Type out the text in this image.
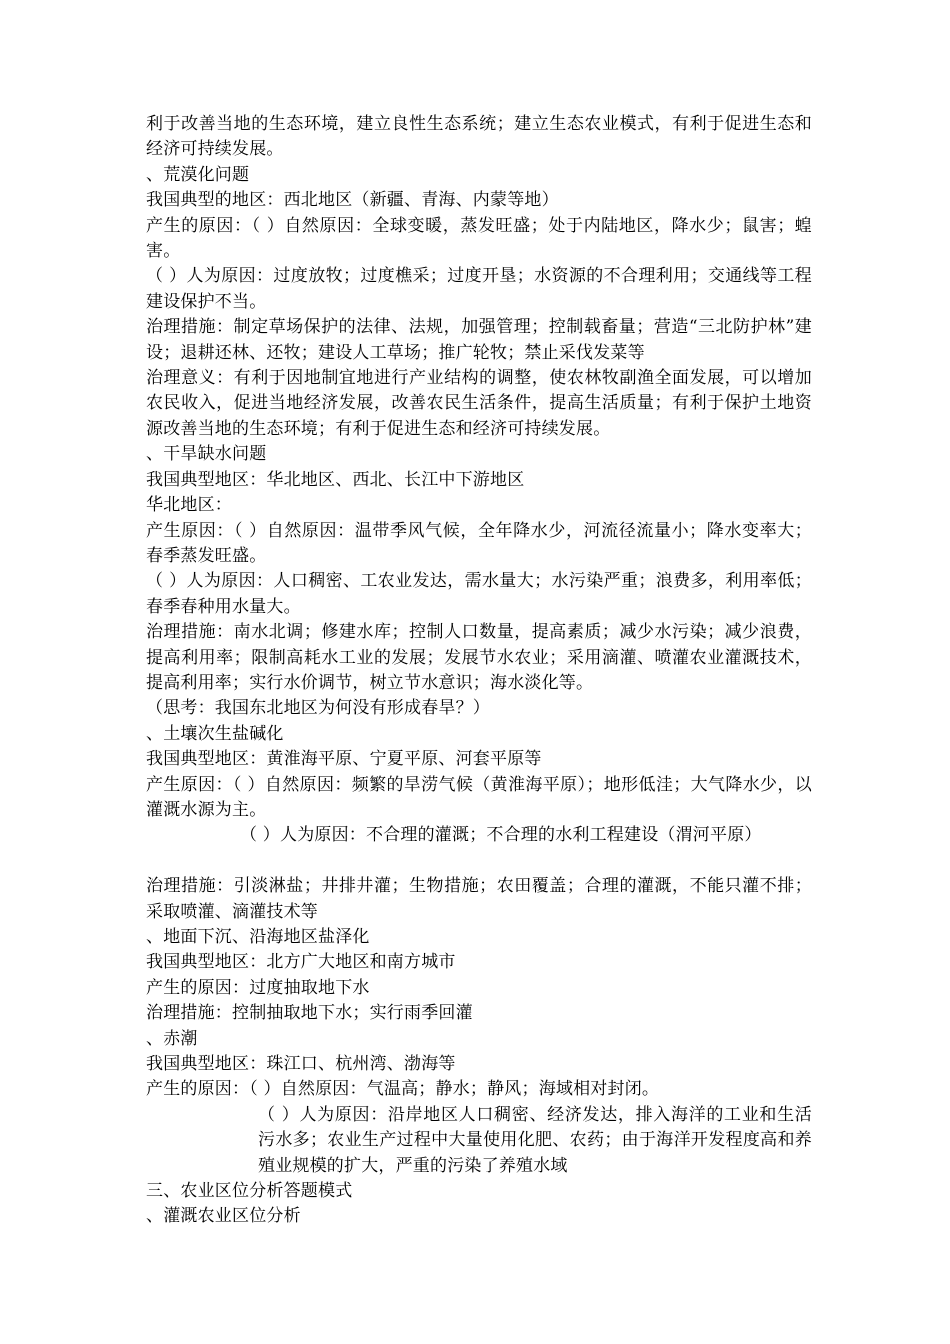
利于改善当地的生态环境，建立良性生态系统；建立生态农业模式，有利于促进生态和经济可持续发展。

、荒漠化问题

我国典型的地区：西北地区（新疆、青海、内蒙等地）

产生的原因：（ ）自然原因：全球变暖，蒸发旺盛；处于内陆地区，降水少；鼠害；蝗害。

（ ）人为原因：过度放牧；过度樵采；过度开垦；水资源的不合理利用；交通线等工程建设保护不当。

治理措施：制定草场保护的法律、法规，加强管理；控制载畜量；营造“三北防护林”建设；退耕还林、还牧；建设人工草场；推广轮牧；禁止采伐发菜等

治理意义：有利于因地制宜地进行产业结构的调整，使农林牧副渔全面发展，可以增加农民收入，促进当地经济发展，改善农民生活条件，提高生活质量；有利于保护土地资源改善当地的生态环境；有利于促进生态和经济可持续发展。

、干旱缺水问题

我国典型地区：华北地区、西北、长江中下游地区

华北地区：

产生原因：（ ）自然原因：温带季风气候，全年降水少，河流径流量小；降水变率大；春季蒸发旺盛。

（ ）人为原因：人口稠密、工农业发达，需水量大；水污染严重；浪费多，利用率低；春季春种用水量大。

治理措施：南水北调；修建水库；控制人口数量，提高素质；减少水污染；减少浪费，提高利用率；限制高耗水工业的发展；发展节水农业；采用滴灌、喷灌农业灌溉技术，提高利用率；实行水价调节，树立节水意识；海水淡化等。

（思考：我国东北地区为何没有形成春旱？）

、土壤次生盐碱化

我国典型地区：黄淮海平原、宁夏平原、河套平原等

产生原因：（ ）自然原因：频繁的旱涝气候（黄淮海平原）；地形低洼；大气降水少，以灌溉水源为主。

（ ）人为原因：不合理的灌溉；不合理的水利工程建设（渭河平原）

治理措施：引淡淋盐；井排井灌；生物措施；农田覆盖；合理的灌溉，不能只灌不排；采取喷灌、滴灌技术等

、地面下沉、沿海地区盐泽化

我国典型地区：北方广大地区和南方城市

产生的原因：过度抽取地下水

治理措施：控制抽取地下水；实行雨季回灌

、赤潮

我国典型地区：珠江口、杭州湾、渤海等

产生的原因：（ ）自然原因：气温高；静水；静风；海域相对封闭。

（ ）人为原因：沿岸地区人口稠密、经济发达，排入海洋的工业和生活污水多；农业生产过程中大量使用化肥、农药；由于海洋开发程度高和养殖业规模的扩大，严重的污染了养殖水域

三、农业区位分析答题模式

、灌溉农业区位分析
